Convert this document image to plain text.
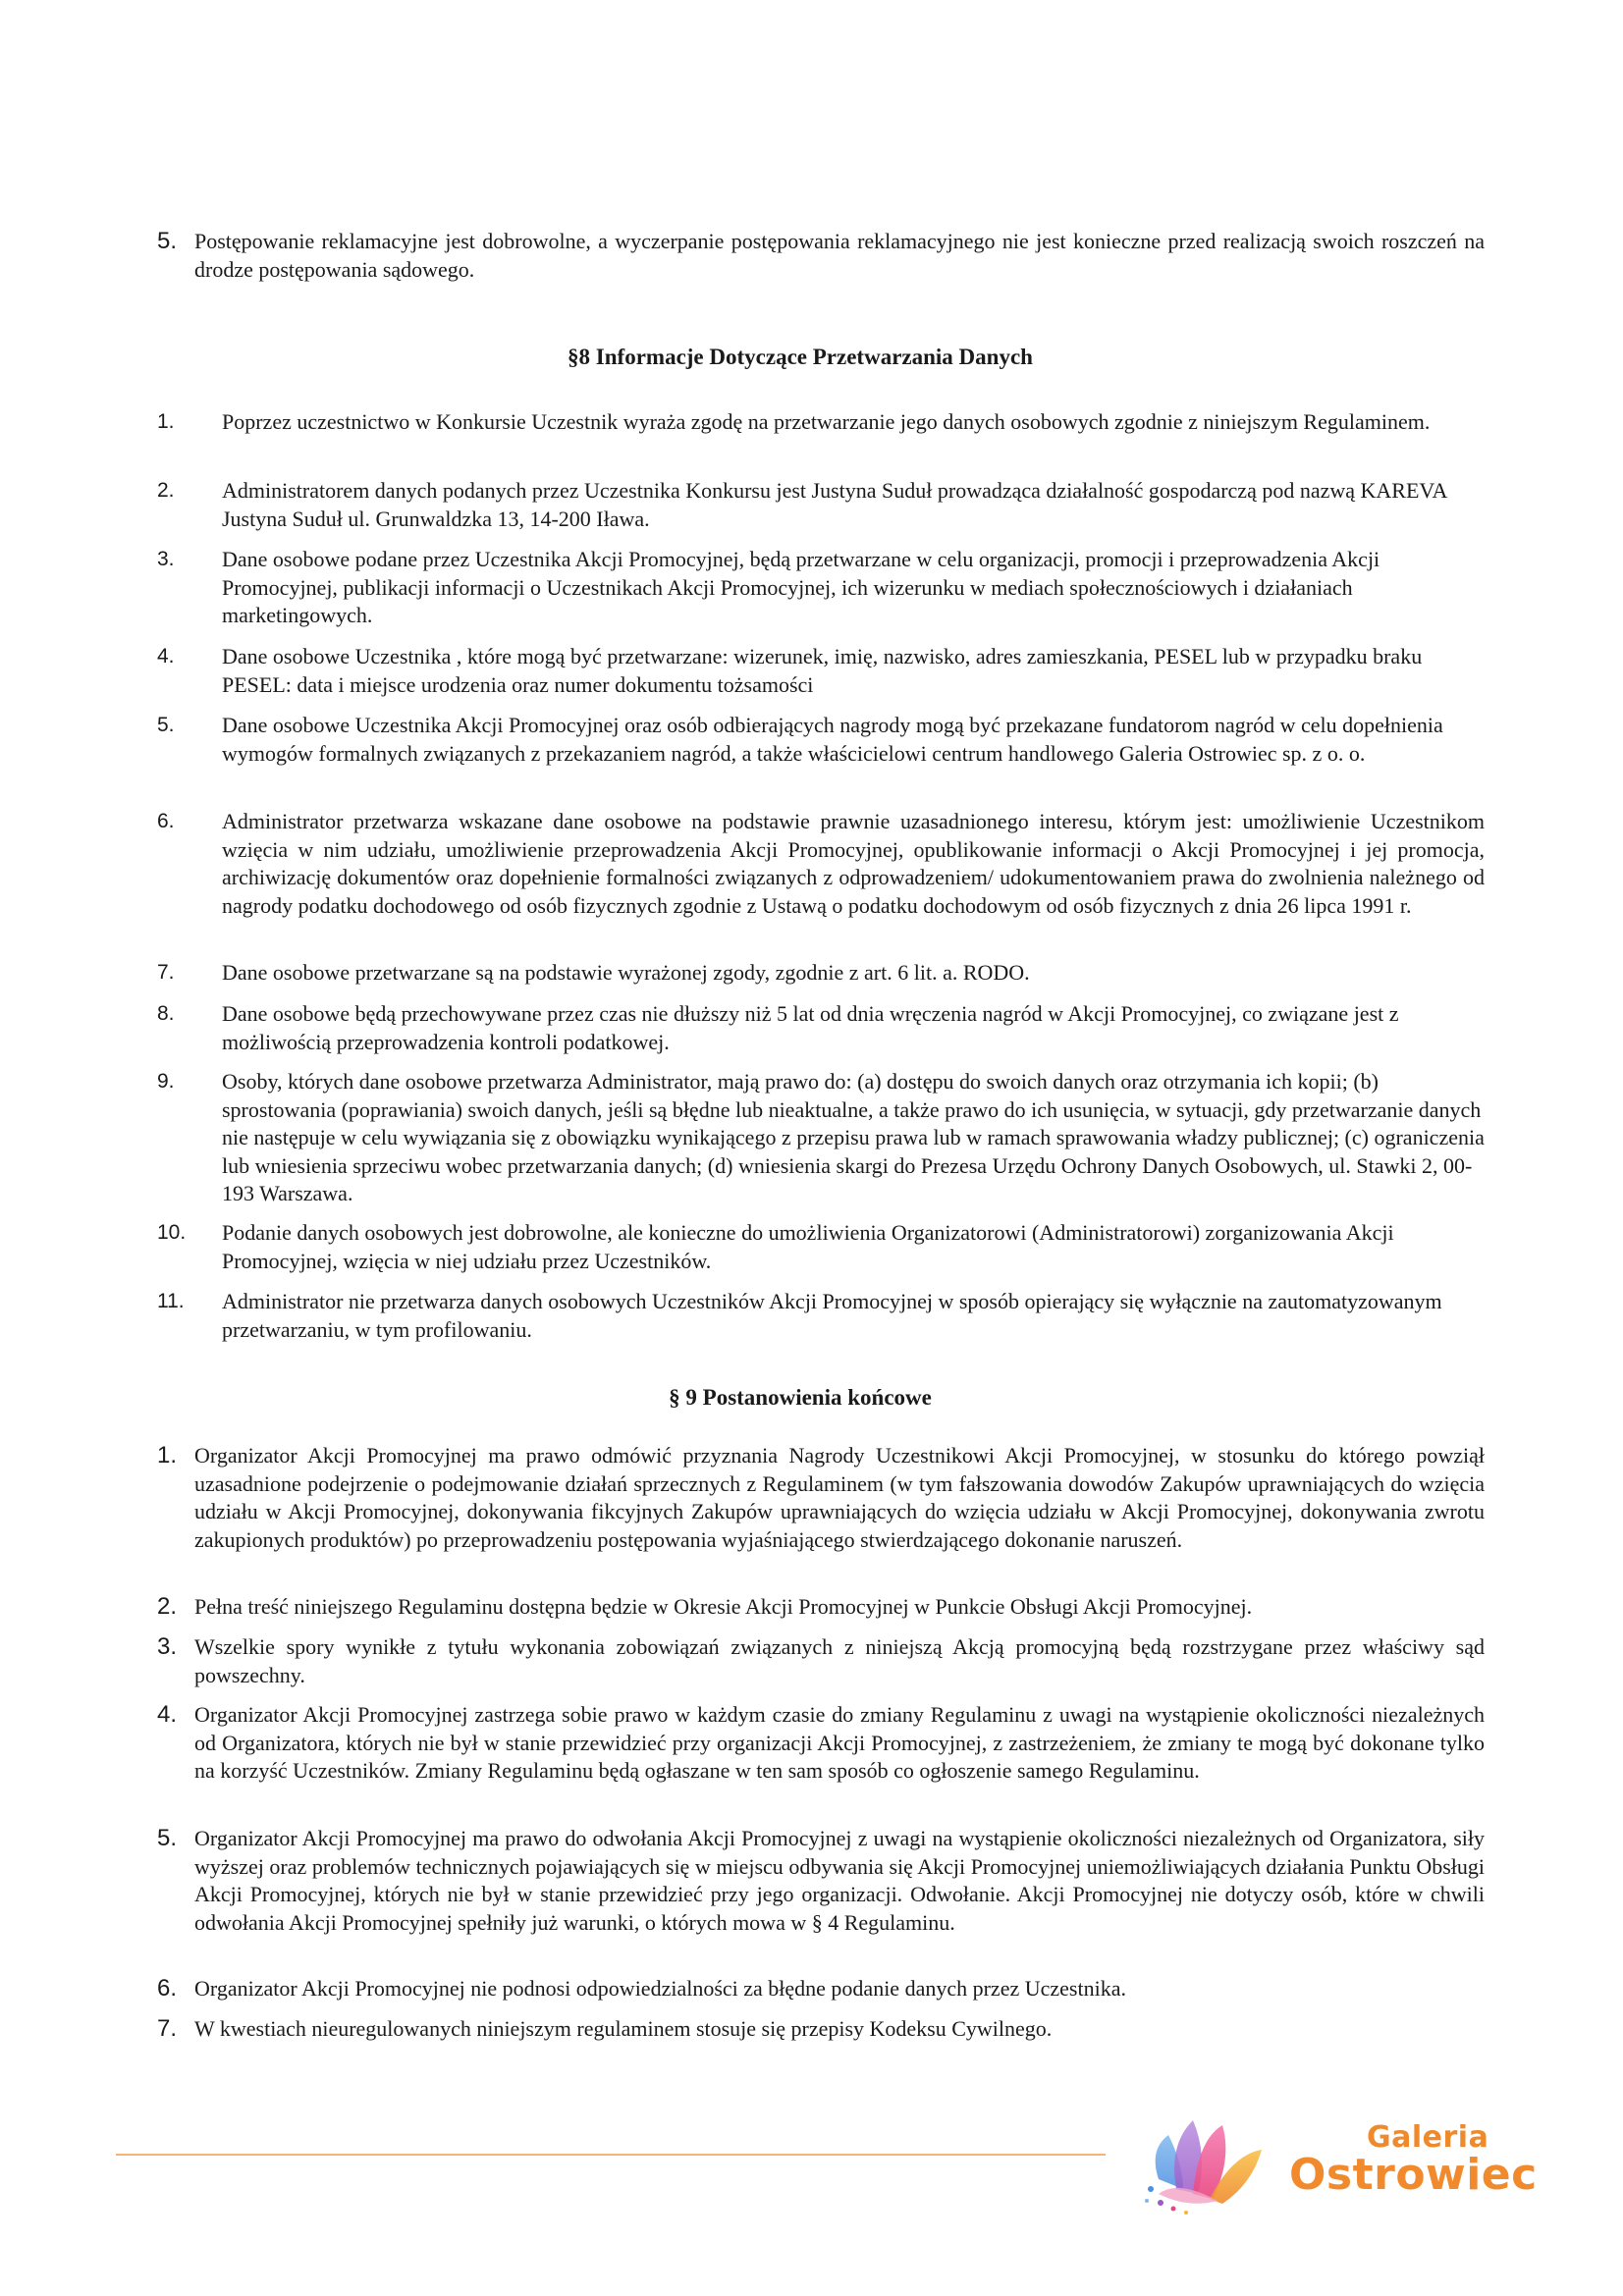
5. Postępowanie reklamacyjne jest dobrowolne, a wyczerpanie postępowania reklamacyjnego nie jest konieczne przed realizacją swoich roszczeń na drodze postępowania sądowego.
§8 Informacje Dotyczące Przetwarzania Danych
1.	Poprzez uczestnictwo w Konkursie Uczestnik wyraża zgodę na przetwarzanie jego danych osobowych zgodnie z niniejszym Regulaminem.
2.	Administratorem danych podanych przez Uczestnika Konkursu jest Justyna Suduł prowadząca działalność gospodarczą pod nazwą KAREVA Justyna Suduł ul. Grunwaldzka 13, 14-200 Iława.
3.	Dane osobowe podane przez Uczestnika Akcji Promocyjnej, będą przetwarzane w celu organizacji, promocji i przeprowadzenia Akcji Promocyjnej, publikacji informacji o Uczestnikach Akcji Promocyjnej, ich wizerunku w mediach społecznościowych i działaniach marketingowych.
4.	Dane osobowe Uczestnika , które mogą być przetwarzane: wizerunek, imię, nazwisko, adres zamieszkania, PESEL lub w przypadku braku PESEL: data i miejsce urodzenia oraz numer dokumentu tożsamości
5.	Dane osobowe Uczestnika Akcji Promocyjnej oraz osób odbierających nagrody mogą być przekazane fundatorom nagród w celu dopełnienia wymogów formalnych związanych z przekazaniem nagród, a także właścicielowi centrum handlowego Galeria Ostrowiec sp. z o. o.
6.	Administrator przetwarza wskazane dane osobowe na podstawie prawnie uzasadnionego interesu, którym jest: umożliwienie Uczestnikom wzięcia w nim udziału, umożliwienie przeprowadzenia Akcji Promocyjnej, opublikowanie informacji o Akcji Promocyjnej i jej promocja, archiwizację dokumentów oraz dopełnienie formalności związanych z odprowadzeniem/ udokumentowaniem prawa do zwolnienia należnego od nagrody podatku dochodowego od osób fizycznych zgodnie z Ustawą o podatku dochodowym od osób fizycznych z dnia 26 lipca 1991 r.
7.	Dane osobowe przetwarzane są na podstawie wyrażonej zgody, zgodnie z art. 6 lit. a. RODO.
8.	Dane osobowe będą przechowywane przez czas nie dłuższy niż 5 lat od dnia wręczenia nagród w Akcji Promocyjnej, co związane jest z możliwością przeprowadzenia kontroli podatkowej.
9.	Osoby, których dane osobowe przetwarza Administrator, mają prawo do: (a) dostępu do swoich danych oraz otrzymania ich kopii; (b) sprostowania (poprawiania) swoich danych, jeśli są błędne lub nieaktualne, a także prawo do ich usunięcia, w sytuacji, gdy przetwarzanie danych nie następuje w celu wywiązania się z obowiązku wynikającego z przepisu prawa lub w ramach sprawowania władzy publicznej; (c) ograniczenia lub wniesienia sprzeciwu wobec przetwarzania danych; (d) wniesienia skargi do Prezesa Urzędu Ochrony Danych Osobowych, ul. Stawki 2, 00- 193 Warszawa.
10.	Podanie danych osobowych jest dobrowolne, ale konieczne do umożliwienia Organizatorowi (Administratorowi) zorganizowania Akcji Promocyjnej, wzięcia w niej udziału przez Uczestników.
11.	Administrator nie przetwarza danych osobowych Uczestników Akcji Promocyjnej w sposób opierający się wyłącznie na zautomatyzowanym przetwarzaniu, w tym profilowaniu.
§ 9 Postanowienia końcowe
1. Organizator Akcji Promocyjnej ma prawo odmówić przyznania Nagrody Uczestnikowi Akcji Promocyjnej, w stosunku do którego powziął uzasadnione podejrzenie o podejmowanie działań sprzecznych z Regulaminem (w tym fałszowania dowodów Zakupów uprawniających do wzięcia udziału w Akcji Promocyjnej, dokonywania fikcyjnych Zakupów uprawniających do wzięcia udziału w Akcji Promocyjnej, dokonywania zwrotu zakupionych produktów) po przeprowadzeniu postępowania wyjaśniającego stwierdzającego dokonanie naruszeń.
2. Pełna treść niniejszego Regulaminu dostępna będzie w Okresie Akcji Promocyjnej w Punkcie Obsługi Akcji Promocyjnej.
3. Wszelkie spory wynikłe z tytułu wykonania zobowiązań związanych z niniejszą Akcją promocyjną będą rozstrzygane przez właściwy sąd powszechny.
4. Organizator Akcji Promocyjnej zastrzega sobie prawo w każdym czasie do zmiany Regulaminu z uwagi na wystąpienie okoliczności niezależnych od Organizatora, których nie był w stanie przewidzieć przy organizacji Akcji Promocyjnej, z zastrzeżeniem, że zmiany te mogą być dokonane tylko na korzyść Uczestników. Zmiany Regulaminu będą ogłaszane w ten sam sposób co ogłoszenie samego Regulaminu.
5. Organizator Akcji Promocyjnej ma prawo do odwołania Akcji Promocyjnej z uwagi na wystąpienie okoliczności niezależnych od Organizatora, siły wyższej oraz problemów technicznych pojawiających się w miejscu odbywania się Akcji Promocyjnej uniemożliwiających działania Punktu Obsługi Akcji Promocyjnej, których nie był w stanie przewidzieć przy jego organizacji. Odwołanie. Akcji Promocyjnej nie dotyczy osób, które w chwili odwołania Akcji Promocyjnej spełniły już warunki, o których mowa w § 4 Regulaminu.
6. Organizator Akcji Promocyjnej nie podnosi odpowiedzialności za błędne podanie danych przez Uczestnika.
7. W kwestiach nieuregulowanych niniejszym regulaminem stosuje się przepisy Kodeksu Cywilnego.
Galeria
Ostrowiec
